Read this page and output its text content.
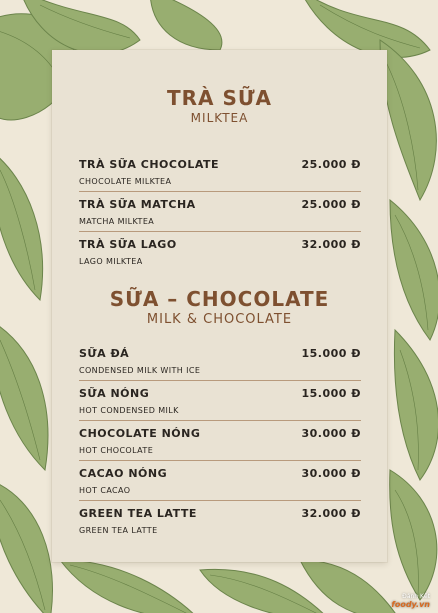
TRÀ SỮA
MILKTEA
TRÀ SỮA CHOCOLATE	25.000 Đ
CHOCOLATE MILKTEA
TRÀ SỮA MATCHA	25.000 Đ
MATCHA MILKTEA
TRÀ SỮA LAGO	32.000 Đ
LAGO MILKTEA
SỮA – CHOCOLATE
MILK & CHOCOLATE
SỮA ĐÁ	15.000 Đ
CONDENSED MILK WITH ICE
SỮA NÓNG	15.000 Đ
HOT CONDENSED MILK
CHOCOLATE NÓNG	30.000 Đ
HOT CHOCOLATE
CACAO NÓNG	30.000 Đ
HOT CACAO
GREEN TEA LATTE	32.000 Đ
GREEN TEA LATTE
Đánh Kết
foody.vn
